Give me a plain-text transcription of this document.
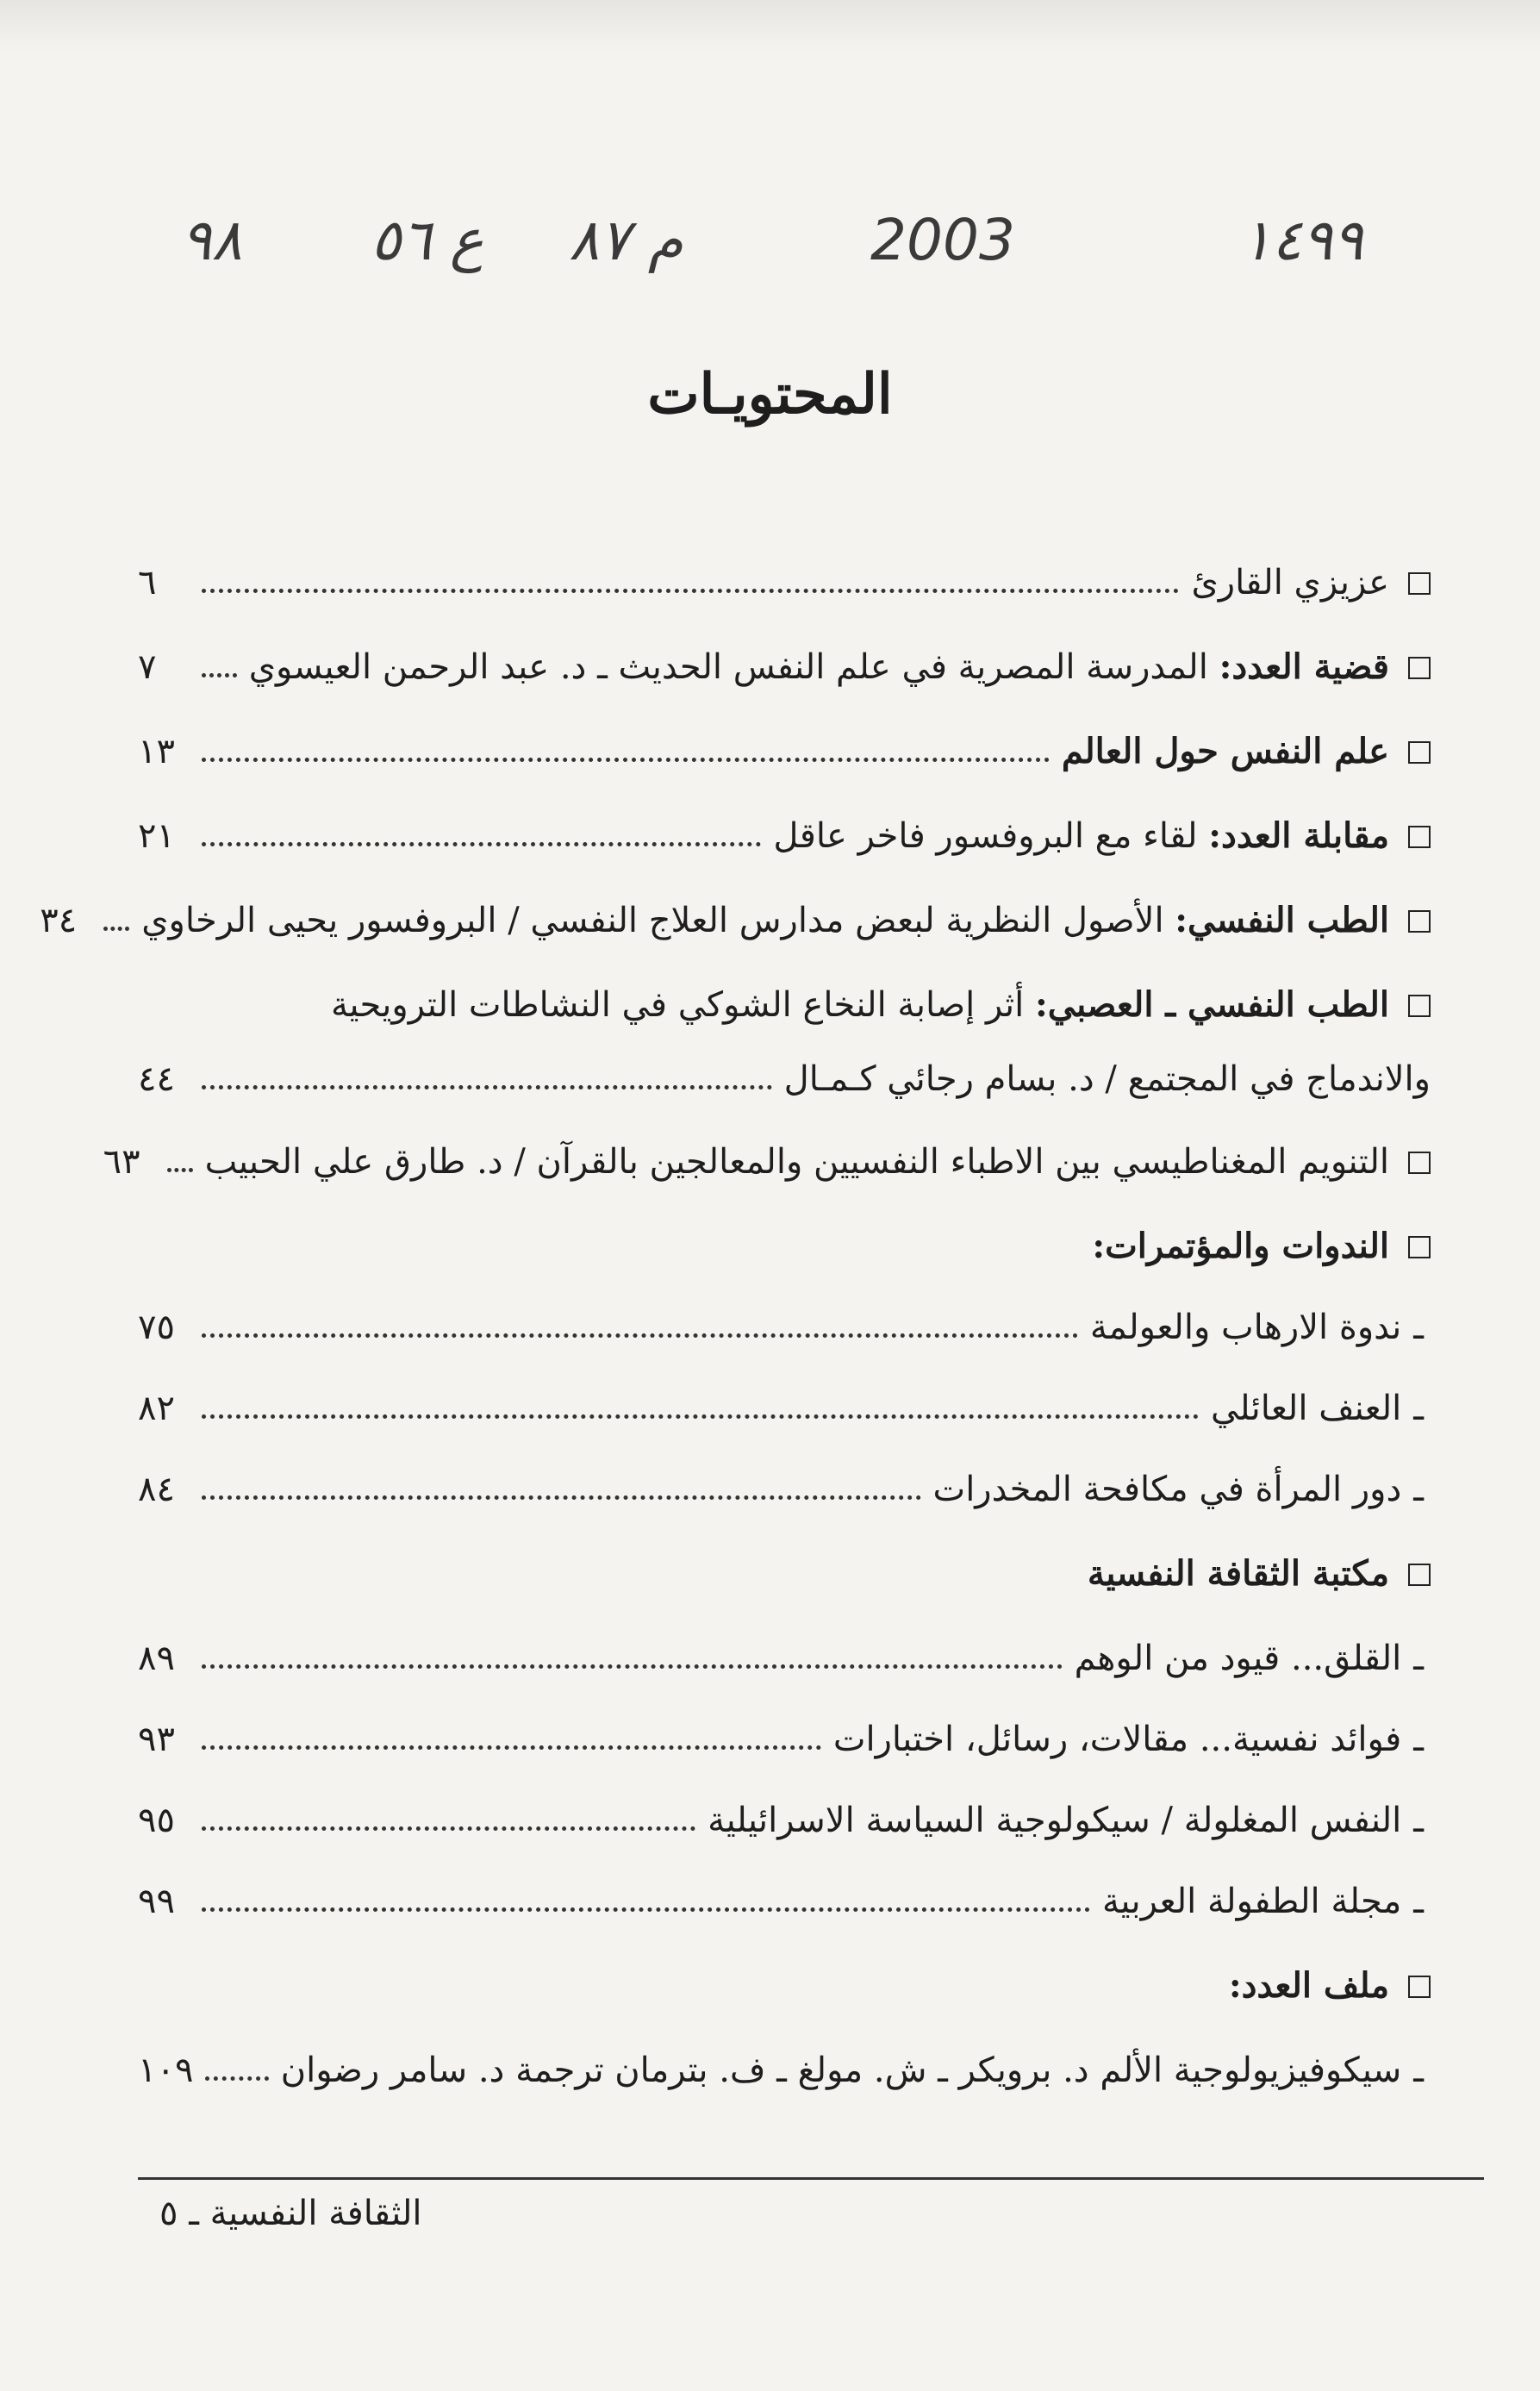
٩٨ ع ٥٦ م ٨٧	2003	١٤٩٩
المحتويـات
عزيزي القارئ
٦
قضية العدد: المدرسة المصرية في علم النفس الحديث ـ د. عبد الرحمن العيسوي
٧
علم النفس حول العالم
١٣
مقابلة العدد: لقاء مع البروفسور فاخر عاقل
٢١
الطب النفسي: الأصول النظرية لبعض مدارس العلاج النفسي / البروفسور يحيى الرخاوي
٣٤
الطب النفسي ـ العصبي: أثر إصابة النخاع الشوكي في النشاطات الترويحية
والاندماج في المجتمع / د. بسام رجائي كـمـال
٤٤
التنويم المغناطيسي بين الاطباء النفسيين والمعالجين بالقرآن / د. طارق علي الحبيب
٦٣
الندوات والمؤتمرات:
ـ
ندوة الارهاب والعولمة
٧٥
ـ
العنف العائلي
٨٢
ـ
دور المرأة في مكافحة المخدرات
٨٤
مكتبة الثقافة النفسية
ـ
القلق... قيود من الوهم
٨٩
ـ
فوائد نفسية... مقالات، رسائل، اختبارات
٩٣
ـ
النفس المغلولة / سيكولوجية السياسة الاسرائيلية
٩٥
ـ
مجلة الطفولة العربية
٩٩
ملف العدد:
ـ
سيكوفيزيولوجية الألم د. برويكر ـ ش. مولغ ـ ف. بترمان ترجمة د. سامر رضوان
١٠٩
الثقافة النفسية ـ ٥
